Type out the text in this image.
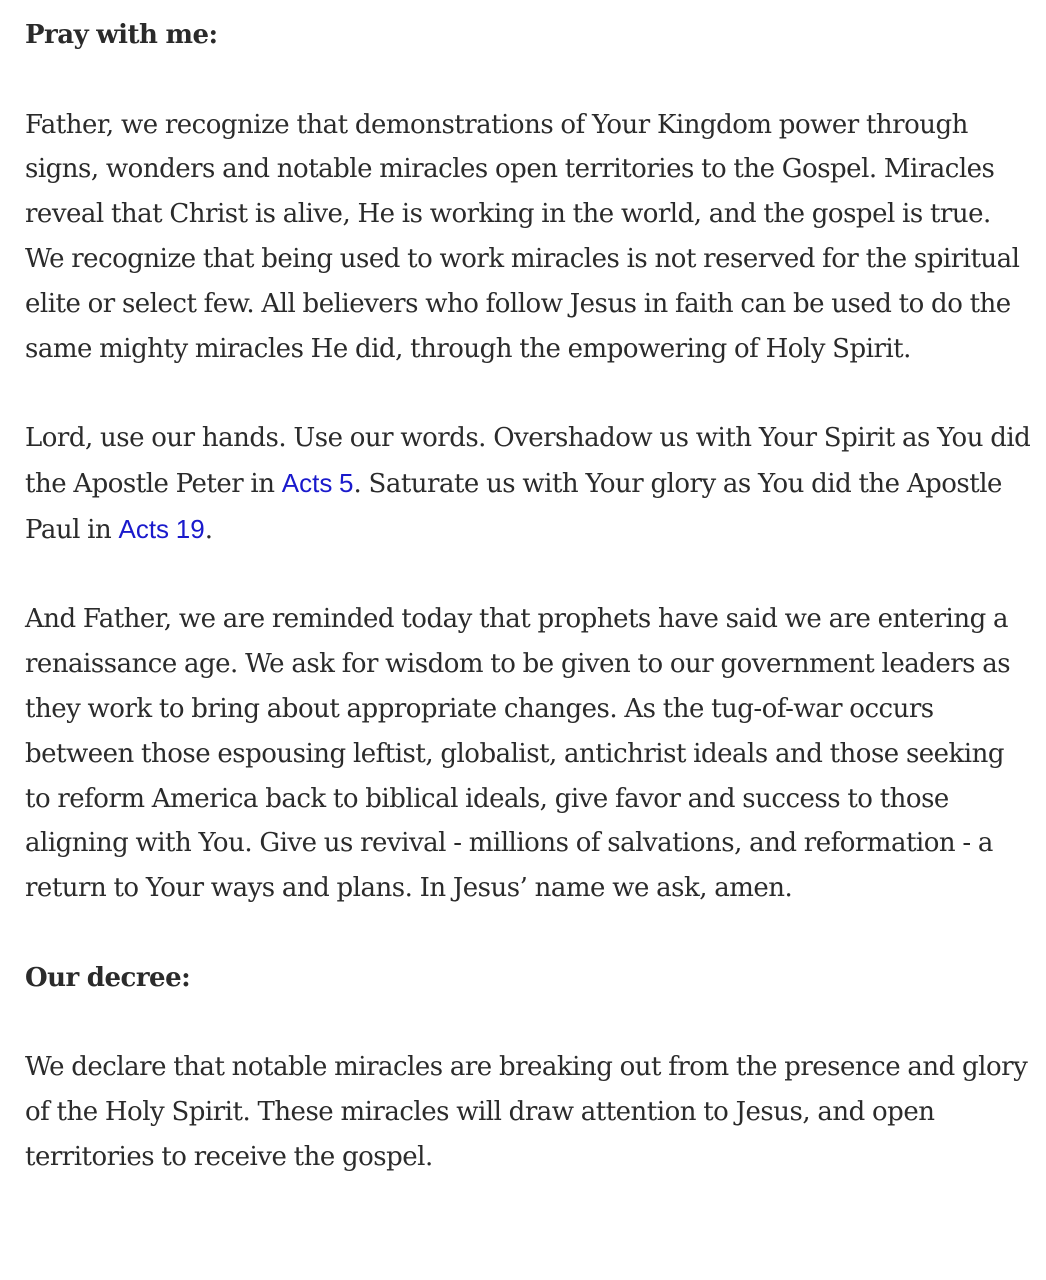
Pray with me:

Father, we recognize that demonstrations of Your Kingdom power through signs, wonders and notable miracles open territories to the Gospel. Miracles reveal that Christ is alive, He is working in the world, and the gospel is true. We recognize that being used to work miracles is not reserved for the spiritual elite or select few. All believers who follow Jesus in faith can be used to do the same mighty miracles He did, through the empowering of Holy Spirit.

Lord, use our hands. Use our words. Overshadow us with Your Spirit as You did the Apostle Peter in Acts 5. Saturate us with Your glory as You did the Apostle Paul in Acts 19.

And Father, we are reminded today that prophets have said we are entering a renaissance age. We ask for wisdom to be given to our government leaders as they work to bring about appropriate changes. As the tug-of-war occurs between those espousing leftist, globalist, antichrist ideals and those seeking to reform America back to biblical ideals, give favor and success to those aligning with You. Give us revival - millions of salvations, and reformation - a return to Your ways and plans. In Jesus’ name we ask, amen.

Our decree:

We declare that notable miracles are breaking out from the presence and glory of the Holy Spirit. These miracles will draw attention to Jesus, and open territories to receive the gospel.
